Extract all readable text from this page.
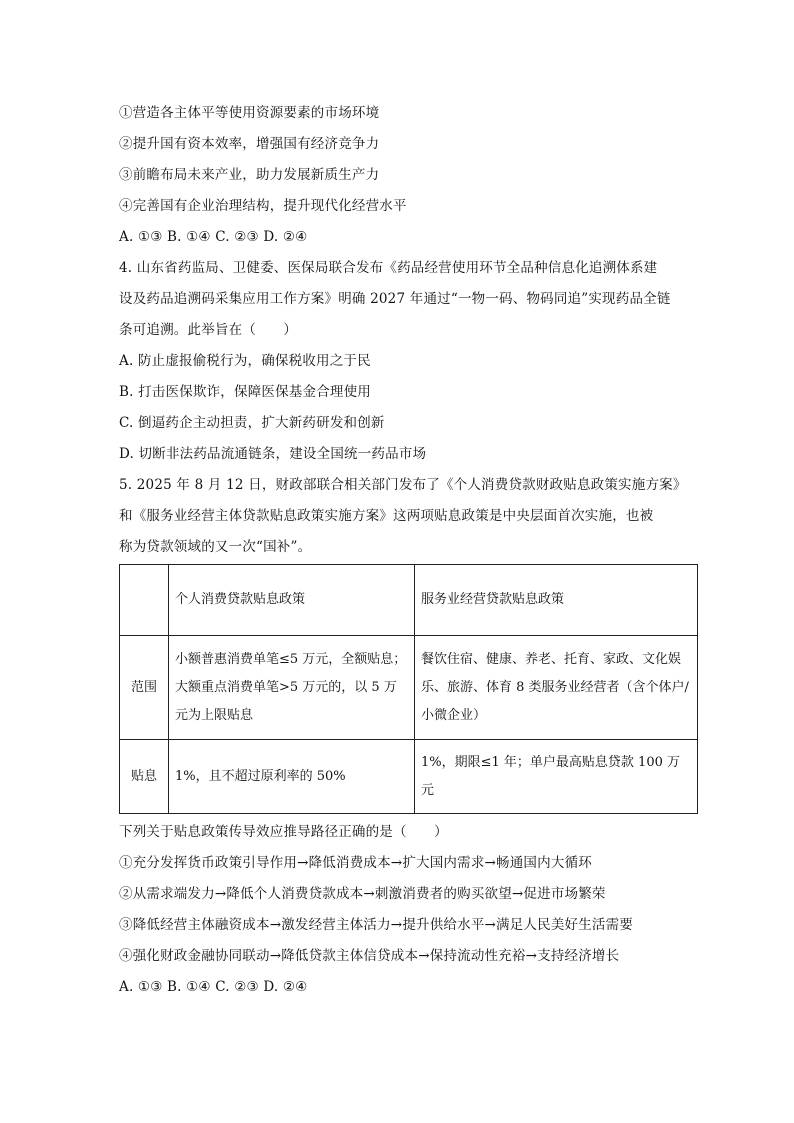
①营造各主体平等使用资源要素的市场环境
②提升国有资本效率，增强国有经济竞争力
③前瞻布局未来产业，助力发展新质生产力
④完善国有企业治理结构，提升现代化经营水平
A. ①③ B. ①④ C. ②③ D. ②④
4. 山东省药监局、卫健委、医保局联合发布《药品经营使用环节全品种信息化追溯体系建
设及药品追溯码采集应用工作方案》明确 2027 年通过“一物一码、物码同追”实现药品全链
条可追溯。此举旨在（　　）
A. 防止虚报偷税行为，确保税收用之于民
B. 打击医保欺诈，保障医保基金合理使用
C. 倒逼药企主动担责，扩大新药研发和创新
D. 切断非法药品流通链条，建设全国统一药品市场
5. 2025 年 8 月 12 日，财政部联合相关部门发布了《个人消费贷款财政贴息政策实施方案》
和《服务业经营主体贷款贴息政策实施方案》这两项贴息政策是中央层面首次实施，也被
称为贷款领域的又一次“国补”。
	个人消费贷款贴息政策	服务业经营贷款贴息政策
范围	小额普惠消费单笔≤5 万元，全额贴息；大额重点消费单笔>5 万元的，以 5 万元为上限贴息	餐饮住宿、健康、养老、托育、家政、文化娱乐、旅游、体育 8 类服务业经营者（含个体户/小微企业）
贴息	1%，且不超过原利率的 50%	1%，期限≤1 年；单户最高贴息贷款 100 万元
下列关于贴息政策传导效应推导路径正确的是（　　）
①充分发挥货币政策引导作用→降低消费成本→扩大国内需求→畅通国内大循环
②从需求端发力→降低个人消费贷款成本→刺激消费者的购买欲望→促进市场繁荣
③降低经营主体融资成本→激发经营主体活力→提升供给水平→满足人民美好生活需要
④强化财政金融协同联动→降低贷款主体信贷成本→保持流动性充裕→支持经济增长
A. ①③ B. ①④ C. ②③ D. ②④
